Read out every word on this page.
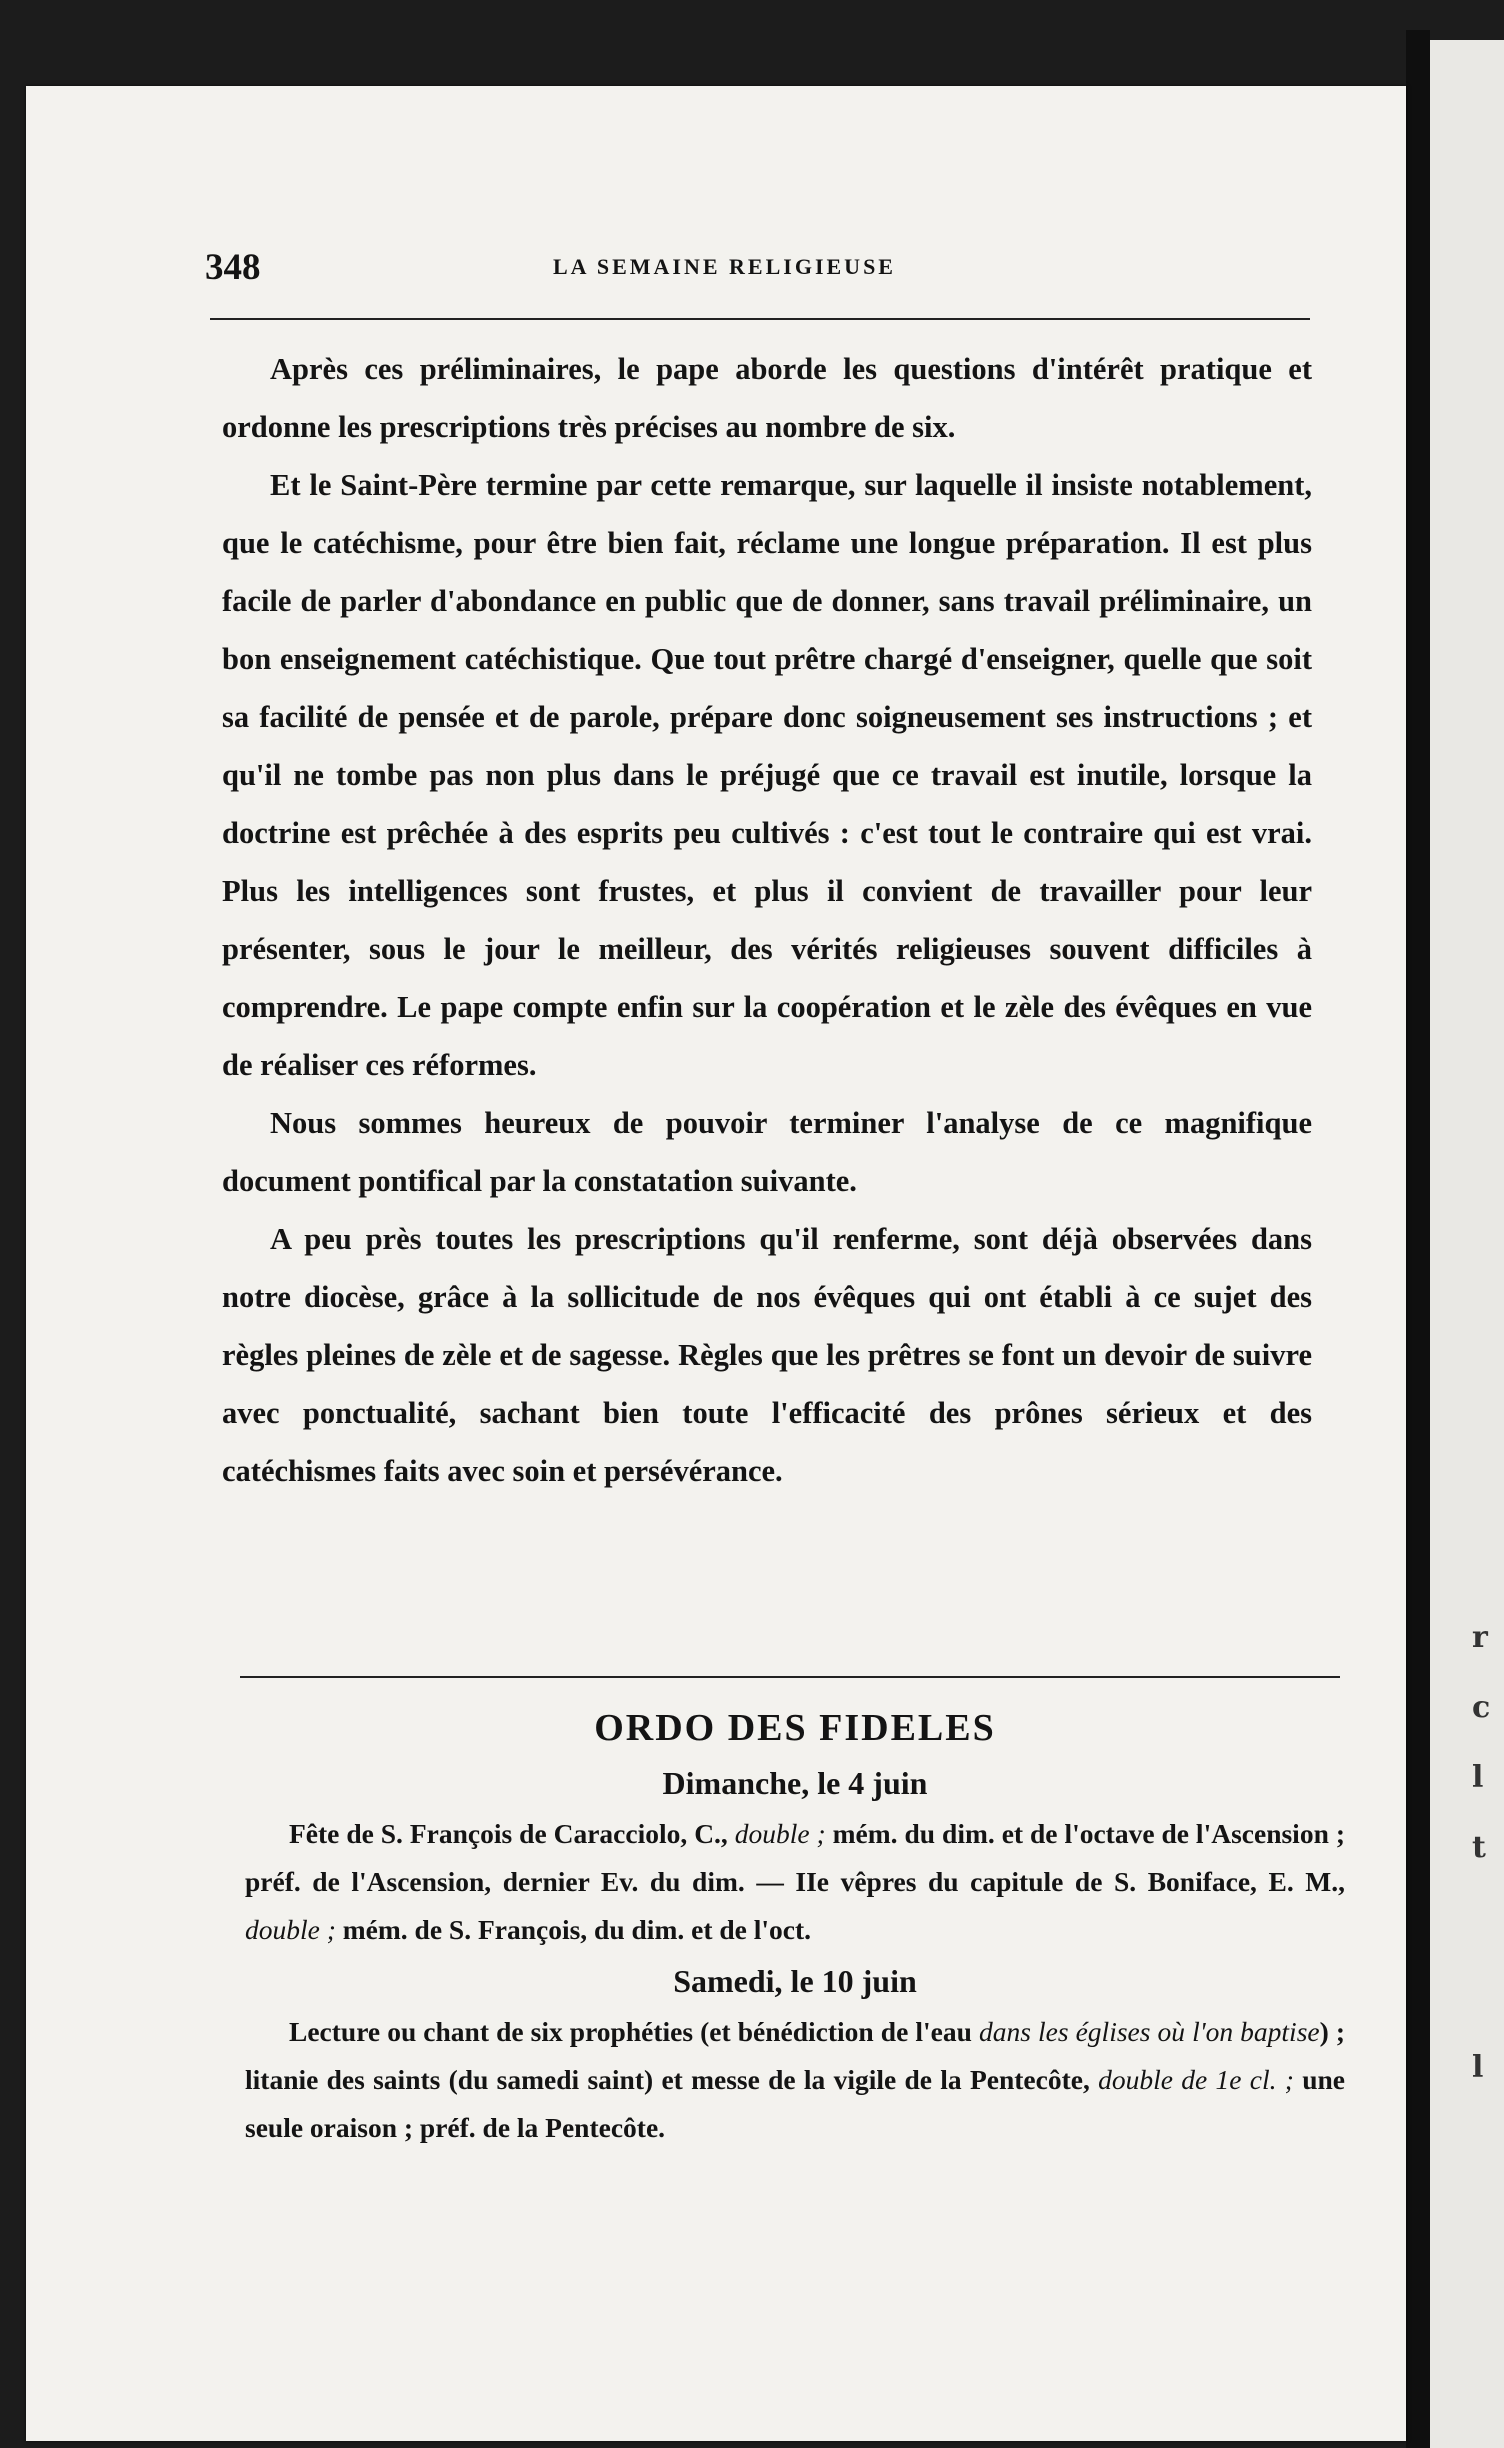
r
c
l
t
l
348	LA SEMAINE RELIGIEUSE

Après ces préliminaires, le pape aborde les questions d'intérêt pratique et ordonne les prescriptions très précises au nombre de six.

Et le Saint-Père termine par cette remarque, sur laquelle il insiste notablement, que le catéchisme, pour être bien fait, réclame une longue préparation. Il est plus facile de parler d'abondance en public que de donner, sans travail préliminaire, un bon enseignement catéchistique. Que tout prêtre chargé d'enseigner, quelle que soit sa facilité de pensée et de parole, prépare donc soigneusement ses instructions ; et qu'il ne tombe pas non plus dans le préjugé que ce travail est inutile, lorsque la doctrine est prêchée à des esprits peu cultivés : c'est tout le contraire qui est vrai. Plus les intelligences sont frustes, et plus il convient de travailler pour leur présenter, sous le jour le meilleur, des vérités religieuses souvent difficiles à comprendre. Le pape compte enfin sur la coopération et le zèle des évêques en vue de réaliser ces réformes.

Nous sommes heureux de pouvoir terminer l'analyse de ce magnifique document pontifical par la constatation suivante.

A peu près toutes les prescriptions qu'il renferme, sont déjà observées dans notre diocèse, grâce à la sollicitude de nos évêques qui ont établi à ce sujet des règles pleines de zèle et de sagesse. Règles que les prêtres se font un devoir de suivre avec ponctualité, sachant bien toute l'efficacité des prônes sérieux et des catéchismes faits avec soin et persévérance.

ORDO DES FIDELES
Dimanche, le 4 juin

Fête de S. François de Caracciolo, C., double ; mém. du dim. et de l'octave de l'Ascension ; préf. de l'Ascension, dernier Ev. du dim. — IIe vêpres du capitule de S. Boniface, E. M., double ; mém. de S. François, du dim. et de l'oct.

Samedi, le 10 juin

Lecture ou chant de six prophéties (et bénédiction de l'eau dans les églises où l'on baptise) ; litanie des saints (du samedi saint) et messe de la vigile de la Pentecôte, double de 1e cl. ; une seule oraison ; préf. de la Pentecôte.
